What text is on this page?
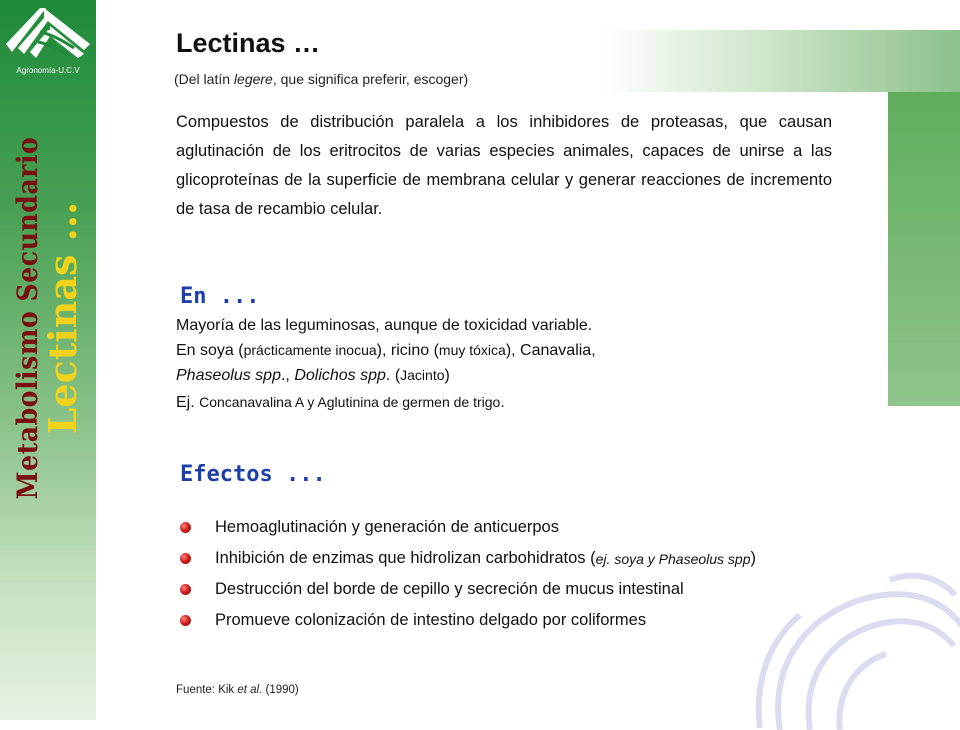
Agronomía-U.C.V
Metabolismo Secundario
Lectinas ...
Lectinas …
(Del latín legere, que significa preferir, escoger)
Compuestos de distribución paralela a los inhibidores de proteasas, que causan aglutinación de los eritrocitos de varias especies animales, capaces de unirse a las glicoproteínas de la superficie de membrana celular y generar reacciones de incremento de tasa de recambio celular.
En ...
Mayoría de las leguminosas, aunque de toxicidad variable.
En soya (prácticamente inocua), ricino (muy tóxica), Canavalia,
Phaseolus spp., Dolichos spp. (Jacinto)
Ej. Concanavalina A y Aglutinina de germen de trigo.
Efectos ...
Hemoaglutinación y generación de anticuerpos
Inhibición de enzimas que hidrolizan carbohidratos ( ej. soya y Phaseolus spp )
Destrucción del borde de cepillo y secreción de mucus intestinal
Promueve colonización de intestino delgado por coliformes
Fuente: Kik et al. (1990)
